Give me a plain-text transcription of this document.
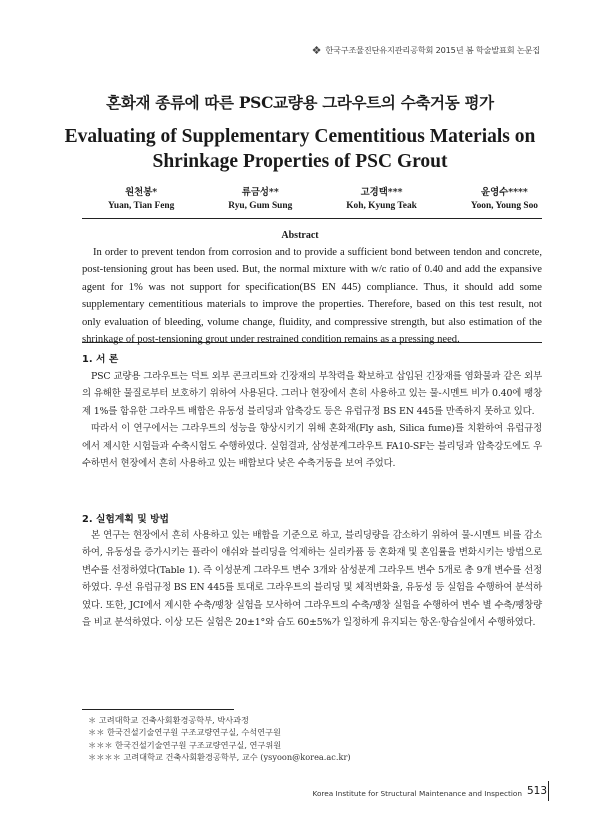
❖ 한국구조물진단유지관리공학회 2015년 봄 학술발표회 논문집
혼화재 종류에 따른 PSC교량용 그라우트의 수축거동 평가
Evaluating of Supplementary Cementitious Materials on
Shrinkage Properties of PSC Grout
원천봉*
Yuan, Tian Feng
류금성**
Ryu, Gum Sung
고경택***
Koh, Kyung Teak
윤영수****
Yoon, Young Soo
Abstract

In order to prevent tendon from corrosion and to provide a sufficient bond between tendon and concrete, post-tensioning grout has been used. But, the normal mixture with w/c ratio of 0.40 and add the expansive agent for 1% was not support for specification(BS EN 445) compliance. Thus, it should add some supplementary cementitious materials to improve the properties. Therefore, based on this test result, not only evaluation of bleeding, volume change, fluidity, and compressive strength, but also estimation of the shrinkage of post-tensioning grout under restrained condition remains as a pressing need.

1. 서 론

PSC 교량용 그라우트는 덕트 외부 콘크리트와 긴장재의 부착력을 확보하고 삽입된 긴장재를 염화물과 같은 외부의 유해한 물질로부터 보호하기 위하여 사용된다. 그러나 현장에서 흔히 사용하고 있는 물-시멘트 비가 0.40에 팽창제 1%를 함유한 그라우트 배합은 유동성 블리딩과 압축강도 등은 유럽규정 BS EN 445를 만족하지 못하고 있다.

따라서 이 연구에서는 그라우트의 성능을 향상시키기 위해 혼화재(Fly ash, Silica fume)를 치환하여 유럽규정에서 제시한 시험들과 수축시험도 수행하였다. 실험결과, 삼성분계그라우트 FA10-SF는 블리딩과 압축강도에도 우수하면서 현장에서 흔히 사용하고 있는 배합보다 낮은 수축거동을 보여 주었다.

2. 실험계획 및 방법

본 연구는 현장에서 흔히 사용하고 있는 배합을 기준으로 하고, 블리딩량을 감소하기 위하여 물-시멘트 비를 감소하여, 유동성을 증가시키는 플라이 애쉬와 블리딩을 억제하는 실리카퓸 등 혼화재 및 혼입률을 변화시키는 방법으로 변수를 선정하였다(Table 1). 즉 이성분계 그라우트 변수 3개와 삼성분계 그라우트 변수 5개로 총 9개 변수를 선정하였다. 우선 유럽규정 BS EN 445를 토대로 그라우트의 블리딩 및 체적변화율, 유동성 등 실험을 수행하여 분석하였다. 또한, JCI에서 제시한 수축/팽창 실험을 모사하여 그라우트의 수축/팽창 실험을 수행하여 변수 별 수축/팽창량을 비교 분석하였다. 이상 모든 실험은 20±1°와 습도 60±5%가 일정하게 유지되는 항온·항습실에서 수행하였다.

＊ 고려대학교 건축사회환경공학부, 박사과정
＊＊ 한국건설기술연구원 구조교량연구실, 수석연구원
＊＊＊ 한국건설기술연구원 구조교량연구실, 연구위원
＊＊＊＊ 고려대학교 건축사회환경공학부, 교수 (ysyoon@korea.ac.kr)
Korea Institute for Structural Maintenance and Inspection 513
